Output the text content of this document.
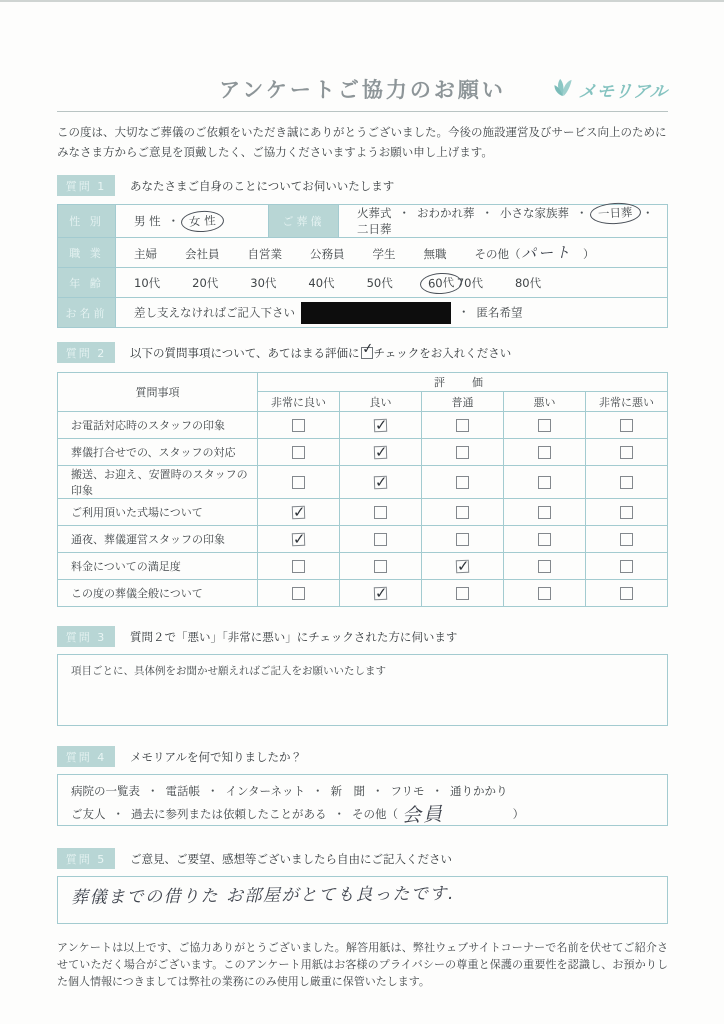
アンケートご協力のお願い	メモリアル
この度は、大切なご葬儀のご依頼をいただき誠にありがとうございました。今後の施設運営及びサービス向上のために
みなさま方からご意見を頂戴したく、ご協力くださいますようお願い申し上げます。
質問 1	あなたさまご自身のことについてお伺いいたします
性 別	男 性 ・ 女 性	ご葬儀	火葬式 ・ おわかれ葬 ・ 小さな家族葬 ・ 一日葬 ・二日葬
職 業	主婦 会社員 自営業 公務員 学生 無職 その他（パート　 ）		
年 齢	10代 20代 30代 40代 50代 60代 70代 80代		
お名前	差し支えなければご記入下さい ・ 匿名希望		
質問 2	以下の質問事項について、あてはまる評価に ✓ チェックをお入れください
質問事項	評　価				
	非常に良い	良い	普通	悪い	非常に悪い
お電話対応時のスタッフの印象		✓			
葬儀打合せでの、スタッフの対応		✓			
搬送、お迎え、安置時のスタッフの印象		✓			
ご利用頂いた式場について	✓				
通夜、葬儀運営スタッフの印象	✓				
料金についての満足度			✓		
この度の葬儀全般について		✓			
質問 3	質問２で「悪い」「非常に悪い」にチェックされた方に伺います
項目ごとに、具体例をお聞かせ願えればご記入をお願いいたします
質問 4	メモリアルを何で知りましたか？
病院の一覧表 ・ 電話帳 ・ インターネット ・ 新　聞 ・ フリモ ・ 通りかかり
ご友人 ・ 過去に参列または依頼したことがある ・ その他（ 会員　　　　　　	）
質問 5	ご意見、ご要望、感想等ございましたら自由にご記入ください
葬儀までの借りた お部屋がとても良ったです.
アンケートは以上です、ご協力ありがとうございました。解答用紙は、弊社ウェブサイトコーナーで名前を伏せてご紹介させていただく場合がございます。このアンケート用紙はお客様のプライバシーの尊重と保護の重要性を認識し、お預かりした個人情報につきましては弊社の業務にのみ使用し厳重に保管いたします。
